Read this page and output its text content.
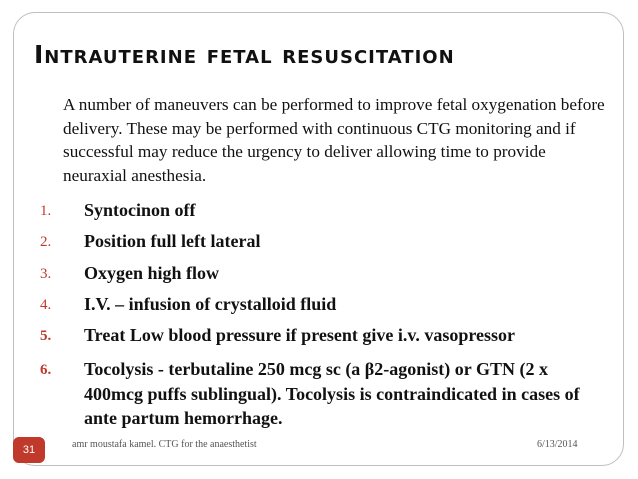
Intrauterine fetal resuscitation
A number of maneuvers can be performed to improve fetal oxygenation before delivery. These may be performed with continuous CTG monitoring and if successful may reduce the urgency to deliver allowing time to provide neuraxial anesthesia.
1. Syntocinon off
2. Position full left lateral
3. Oxygen high flow
4. I.V. – infusion of crystalloid fluid
5. Treat Low blood pressure if present give i.v. vasopressor
6. Tocolysis - terbutaline 250 mcg sc (a β2-agonist) or GTN (2 x 400mcg puffs sublingual). Tocolysis is contraindicated in cases of ante partum hemorrhage.
31	amr moustafa kamel. CTG for the anaesthetist	6/13/2014
